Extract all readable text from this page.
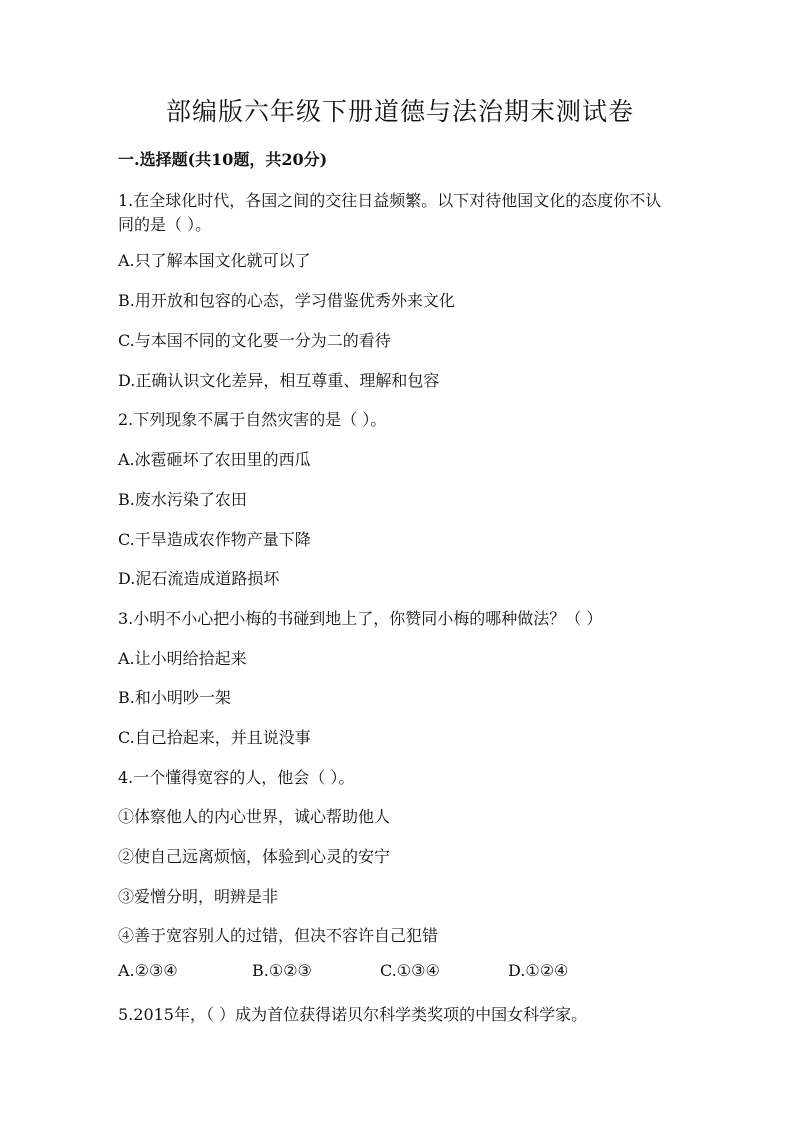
部编版六年级下册道德与法治期末测试卷
一.选择题(共10题，共20分)
1.在全球化时代，各国之间的交往日益频繁。以下对待他国文化的态度你不认
同的是（ ）。
A.只了解本国文化就可以了
B.用开放和包容的心态，学习借鉴优秀外来文化
C.与本国不同的文化要一分为二的看待
D.正确认识文化差异，相互尊重、理解和包容
2.下列现象不属于自然灾害的是（ ）。
A.冰雹砸坏了农田里的西瓜
B.废水污染了农田
C.干旱造成农作物产量下降
D.泥石流造成道路损坏
3.小明不小心把小梅的书碰到地上了，你赞同小梅的哪种做法？（ ）
A.让小明给拾起来
B.和小明吵一架
C.自己拾起来，并且说没事
4.一个懂得宽容的人，他会（ ）。
①体察他人的内心世界，诚心帮助他人
②使自己远离烦恼，体验到心灵的安宁
③爱憎分明，明辨是非
④善于宽容别人的过错，但决不容许自己犯错
A.②③④	B.①②③	C.①③④	D.①②④
5.2015年，（ ）成为首位获得诺贝尔科学类奖项的中国女科学家。
